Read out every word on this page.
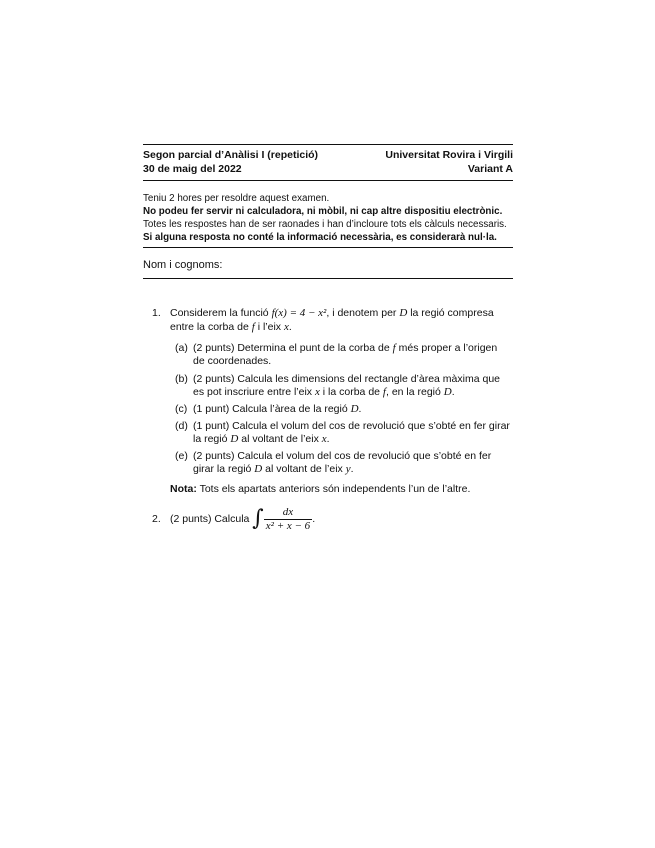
Segon parcial d’Anàlisi I (repetició)
30 de maig del 2022
Universitat Rovira i Virgili
Variant A
Teniu 2 hores per resoldre aquest examen.
No podeu fer servir ni calculadora, ni mòbil, ni cap altre dispositiu electrònic.
Totes les respostes han de ser raonades i han d’incloure tots els càlculs necessaris.
Si alguna resposta no conté la informació necessària, es considerarà nul·la.
Nom i cognoms:
1. Considerem la funció f(x) = 4 − x², i denotem per D la regió compresa
entre la corba de f i l’eix x.
(a) (2 punts) Determina el punt de la corba de f més proper a l’origen
de coordenades.
(b) (2 punts) Calcula les dimensions del rectangle d’àrea màxima que
es pot inscriure entre l’eix x i la corba de f, en la regió D.
(c) (1 punt) Calcula l’àrea de la regió D.
(d) (1 punt) Calcula el volum del cos de revolució que s’obté en fer girar
la regió D al voltant de l’eix x.
(e) (2 punts) Calcula el volum del cos de revolució que s’obté en fer
girar la regió D al voltant de l’eix y.
Nota: Tots els apartats anteriors són independents l’un de l’altre.
2. (2 punts) Calcula ∫ $\frac{dx}{\text{x² + x − 6}}$ .
